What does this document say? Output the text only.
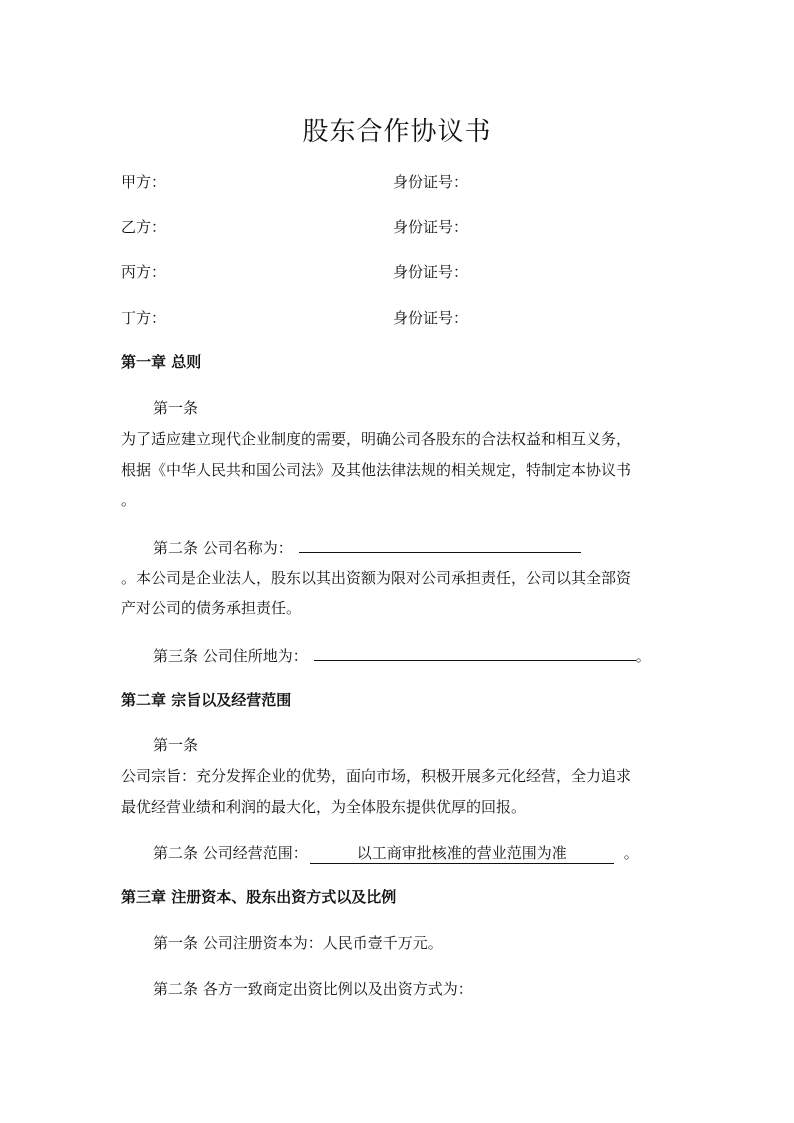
股东合作协议书
甲方：	身份证号：
乙方：	身份证号：
丙方：	身份证号：
丁方：	身份证号：
第一章 总则
第一条
为了适应建立现代企业制度的需要，明确公司各股东的合法权益和相互义务，
根据《中华人民共和国公司法》及其他法律法规的相关规定，特制定本协议书
。
第二条 公司名称为：
。本公司是企业法人，股东以其出资额为限对公司承担责任，公司以其全部资
产对公司的债务承担责任。
第三条 公司住所地为：	。
第二章 宗旨以及经营范围
第一条
公司宗旨：充分发挥企业的优势，面向市场，积极开展多元化经营，全力追求
最优经营业绩和利润的最大化，为全体股东提供优厚的回报。
第二条 公司经营范围：	以工商审批核准的营业范围为准	。
第三章 注册资本、股东出资方式以及比例
第一条 公司注册资本为：人民币壹千万元。
第二条 各方一致商定出资比例以及出资方式为：
